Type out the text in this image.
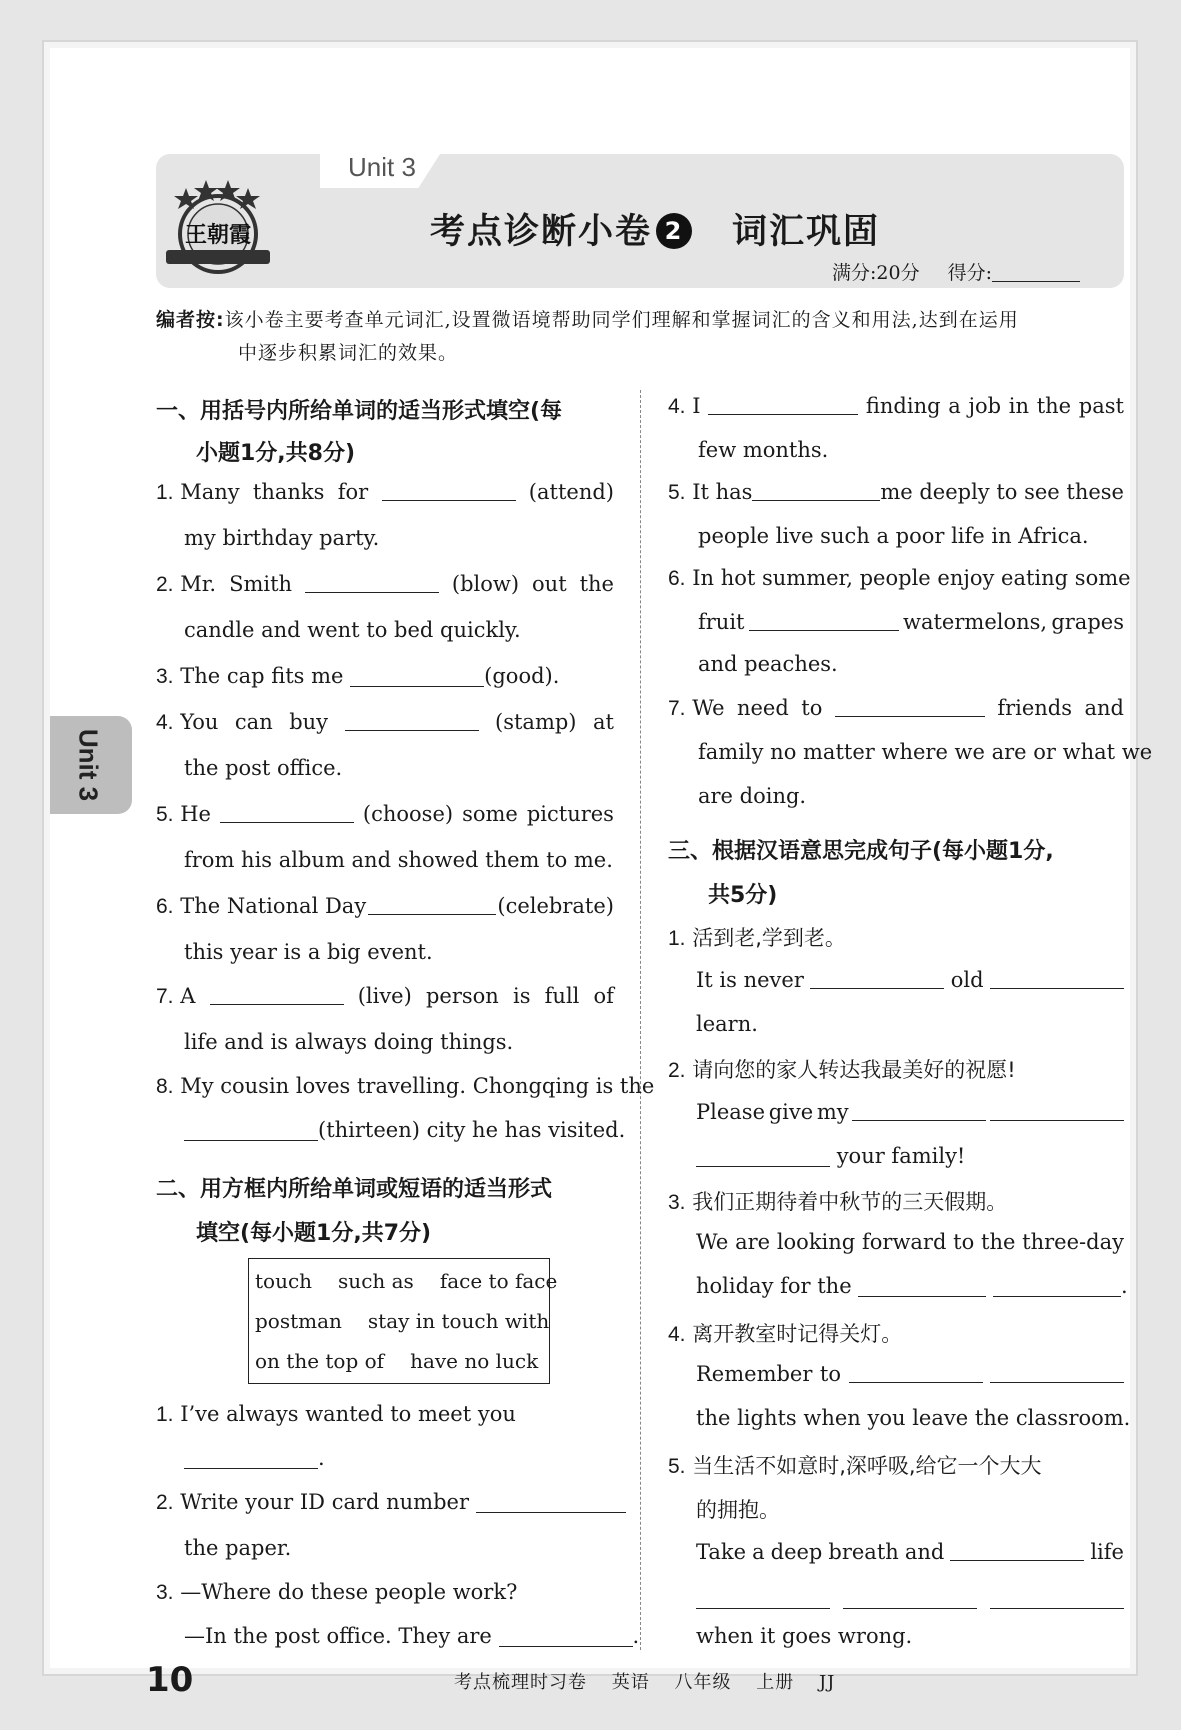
Unit 3
Unit 3
王朝霞	考点诊断小卷 2 词汇巩固
满分:20分 得分:
编者按:该小卷主要考查单元词汇,设置微语境帮助同学们理解和掌握词汇的含义和用法,达到在运用
中逐步积累词汇的效果。
一、用括号内所给单词的适当形式填空(每
小题1分,共8分)
1. Many thanks for	(attend)
my birthday party.
2. Mr. Smith	(blow) out the
candle and went to bed quickly.
3. The cap fits me	(good).
4. You can buy	(stamp) at
the post office.
5. He	(choose) some pictures
from his album and showed them to me.
6. The National Day	(celebrate)
this year is a big event.
7. A	(live) person is full of
life and is always doing things.
8. My cousin loves travelling. Chongqing is the
(thirteen) city he has visited.
二、用方框内所给单词或短语的适当形式
填空(每小题1分,共7分)
touch such as face to face
postman stay in touch with
on the top of have no luck
1. I’ve always wanted to meet you
.
2. Write your ID card number
the paper.
3. —Where do these people work?
—In the post office. They are	.
4. I	finding a job in the past
few months.
5. It has	me deeply to see these
people live such a poor life in Africa.
6. In hot summer, people enjoy eating some
fruit	watermelons, grapes
and peaches.
7. We need to	friends and
family no matter where we are or what we
are doing.
三、根据汉语意思完成句子(每小题1分,
共5分)
1. 活到老,学到老。
It is never	old
learn.
2. 请向您的家人转达我最美好的祝愿!
Please give my
your family!
3. 我们正期待着中秋节的三天假期。
We are looking forward to the three-day
holiday for the	.
4. 离开教室时记得关灯。
Remember to
the lights when you leave the classroom.
5. 当生活不如意时,深呼吸,给它一个大大
的拥抱。
Take a deep breath and	life
when it goes wrong.
10	考点梳理时习卷 英语 八年级 上册 JJ
